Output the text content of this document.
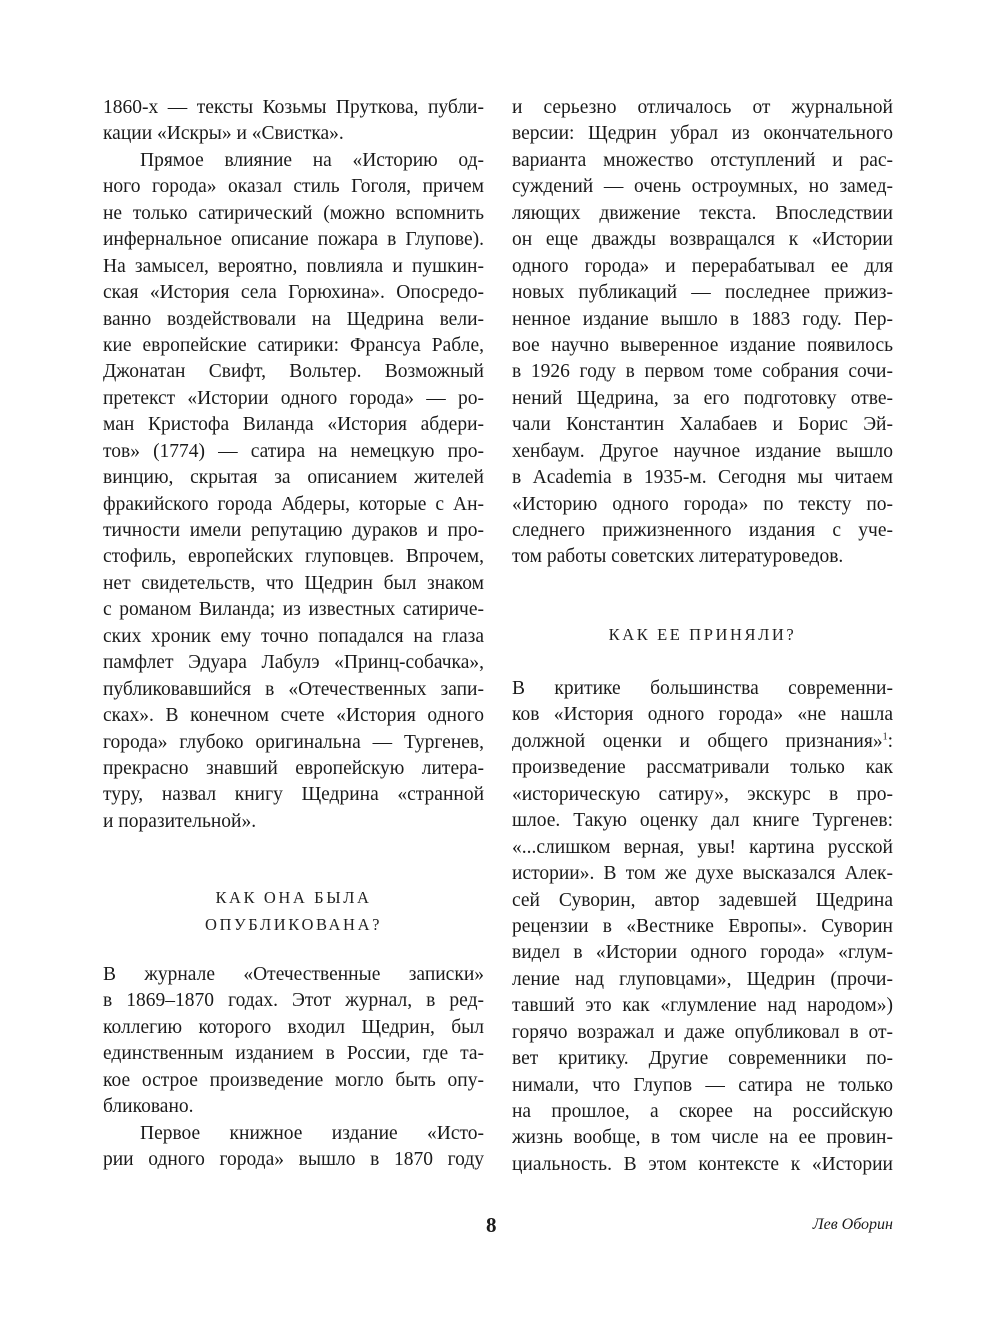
1860-х — тексты Козьмы Пруткова, публи-
кации «Искры» и «Свистка».
Прямое влияние на «Историю од-
ного города» оказал стиль Гоголя, причем
не только сатирический (можно вспомнить
инфернальное описание пожара в Глупове).
На замысел, вероятно, повлияла и пушкин-
ская «История села Горюхина». Опосредо-
ванно воздействовали на Щедрина вели-
кие европейские сатирики: Франсуа Рабле,
Джонатан Свифт, Вольтер. Возможный
претекст «Истории одного города» — ро-
ман Кристофа Виланда «История абдери-
тов» (1774) — сатира на немецкую про-
винцию, скрытая за описанием жителей
фракийского города Абдеры, которые с Ан-
тичности имели репутацию дураков и про-
стофиль, европейских глуповцев. Впрочем,
нет свидетельств, что Щедрин был знаком
с романом Виланда; из известных сатириче-
ских хроник ему точно попадался на глаза
памфлет Эдуара Лабулэ «Принц-собачка»,
публиковавшийся в «Отечественных запи-
сках». В конечном счете «История одного
города» глубоко оригинальна — Тургенев,
прекрасно знавший европейскую литера-
туру, назвал книгу Щедрина «странной
и поразительной».
КАК ОНА БЫЛА
ОПУБЛИКОВАНА?
В журнале «Отечественные записки»
в 1869–1870 годах. Этот журнал, в ред-
коллегию которого входил Щедрин, был
единственным изданием в России, где та-
кое острое произведение могло быть опу-
бликовано.
Первое книжное издание «Исто-
рии одного города» вышло в 1870 году
и серьезно отличалось от журнальной
версии: Щедрин убрал из окончательного
варианта множество отступлений и рас-
суждений — очень остроумных, но замед-
ляющих движение текста. Впоследствии
он еще дважды возвращался к «Истории
одного города» и перерабатывал ее для
новых публикаций — последнее прижиз-
ненное издание вышло в 1883 году. Пер-
вое научно выверенное издание появилось
в 1926 году в первом томе собрания сочи-
нений Щедрина, за его подготовку отве-
чали Константин Халабаев и Борис Эй-
хенбаум. Другое научное издание вышло
в Academia в 1935-м. Сегодня мы читаем
«Историю одного города» по тексту по-
следнего прижизненного издания с уче-
том работы советских литературоведов.
КАК ЕЕ ПРИНЯЛИ?
В критике большинства современни-
ков «История одного города» «не нашла
должной оценки и общего признания»$^1$:
произведение рассматривали только как
«историческую сатиру», экскурс в про-
шлое. Такую оценку дал книге Тургенев:
«...слишком верная, увы! картина русской
истории». В том же духе высказался Алек-
сей Суворин, автор задевшей Щедрина
рецензии в «Вестнике Европы». Суворин
видел в «Истории одного города» «глум-
ление над глуповцами», Щедрин (прочи-
тавший это как «глумление над народом»)
горячо возражал и даже опубликовал в от-
вет критику. Другие современники по-
нимали, что Глупов — сатира не только
на прошлое, а скорее на российскую
жизнь вообще, в том числе на ее провин-
циальность. В этом контексте к «Истории
8	Лев Оборин
